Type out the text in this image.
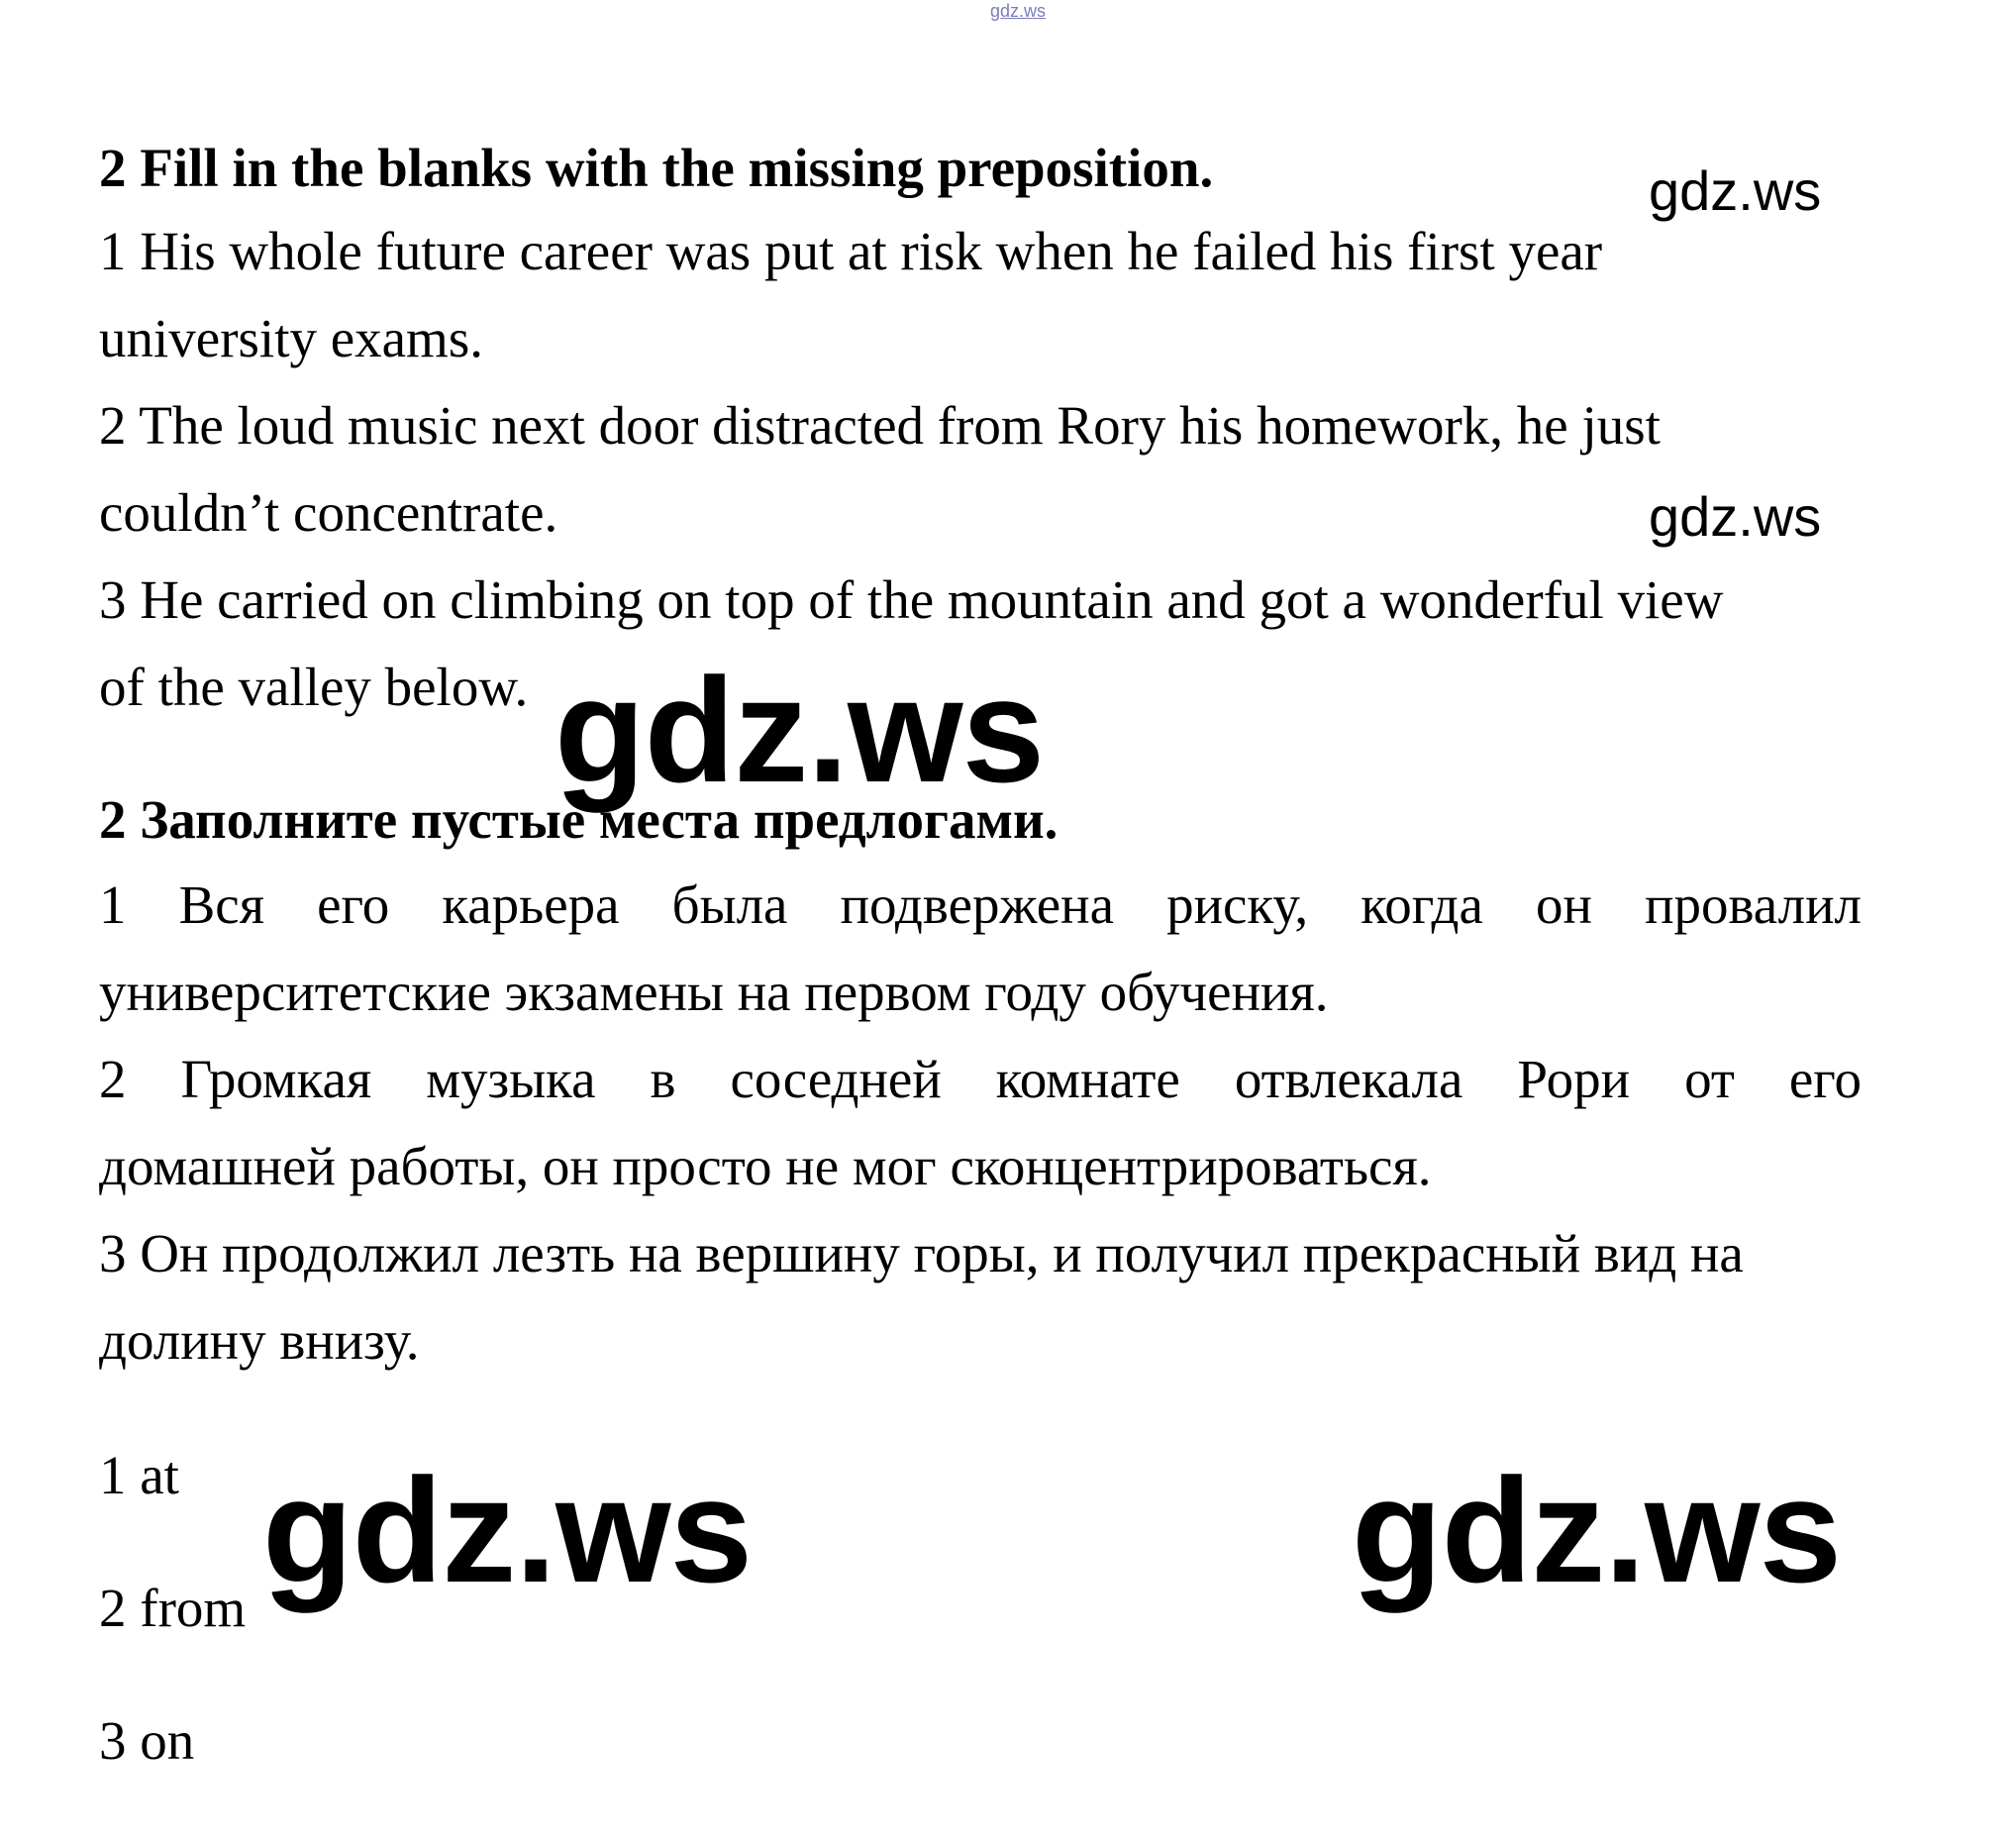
gdz.ws
2 Fill in the blanks with the missing preposition.	gdz.ws
1 His whole future career was put at risk when he failed his first year
university exams.
2 The loud music next door distracted from Rory his homework, he just
couldn’t concentrate.	gdz.ws
3 He carried on climbing on top of the mountain and got a wonderful view
of the valley below. gdz.ws
2 Заполните пустые места предлогами.
1 Вся его карьера была подвержена риску, когда он провалил
университетские экзамены на первом году обучения.
2 Громкая музыка в соседней комнате отвлекала Рори от его
домашней работы, он просто не мог сконцентрироваться.
3 Он продолжил лезть на вершину горы, и получил прекрасный вид на
долину внизу.
1 at
2 from
3 on
gdz.ws	gdz.ws
